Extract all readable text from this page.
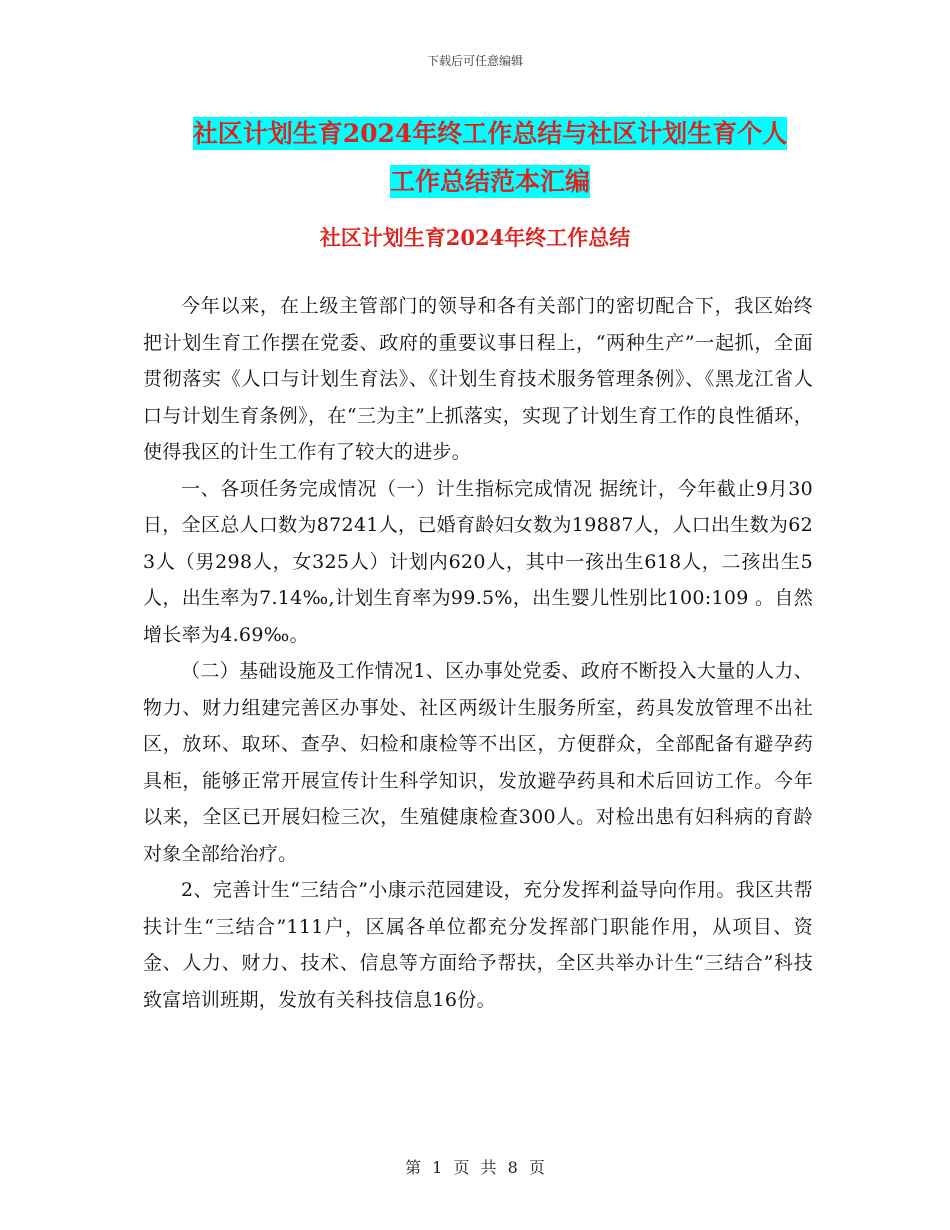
下载后可任意编辑
社区计划生育2024年终工作总结与社区计划生育个人
工作总结范本汇编
社区计划生育2024年终工作总结

今年以来，在上级主管部门的领导和各有关部门的密切配合下，我区始终把计划生育工作摆在党委、政府的重要议事日程上，“两种生产”一起抓，全面贯彻落实《人口与计划生育法》、《计划生育技术服务管理条例》、《黑龙江省人口与计划生育条例》，在“三为主”上抓落实，实现了计划生育工作的良性循环，使得我区的计生工作有了较大的进步。

一、各项任务完成情况（一）计生指标完成情况 据统计，今年截止9月30日，全区总人口数为87241人，已婚育龄妇女数为19887人，人口出生数为623人（男298人，女325人）计划内620人，其中一孩出生618人，二孩出生5人，出生率为7.14‰,计划生育率为99.5%，出生婴儿性别比100:109 。自然增长率为4.69‰。

（二）基础设施及工作情况1、区办事处党委、政府不断投入大量的人力、物力、财力组建完善区办事处、社区两级计生服务所室，药具发放管理不出社区，放环、取环、查孕、妇检和康检等不出区，方便群众，全部配备有避孕药具柜，能够正常开展宣传计生科学知识，发放避孕药具和术后回访工作。今年以来，全区已开展妇检三次，生殖健康检查300人。对检出患有妇科病的育龄对象全部给治疗。

2、完善计生“三结合”小康示范园建设，充分发挥利益导向作用。我区共帮扶计生“三结合”111户，区属各单位都充分发挥部门职能作用，从项目、资金、人力、财力、技术、信息等方面给予帮扶，全区共举办计生“三结合”科技致富培训班期，发放有关科技信息16份。

第 1 页 共 8 页
